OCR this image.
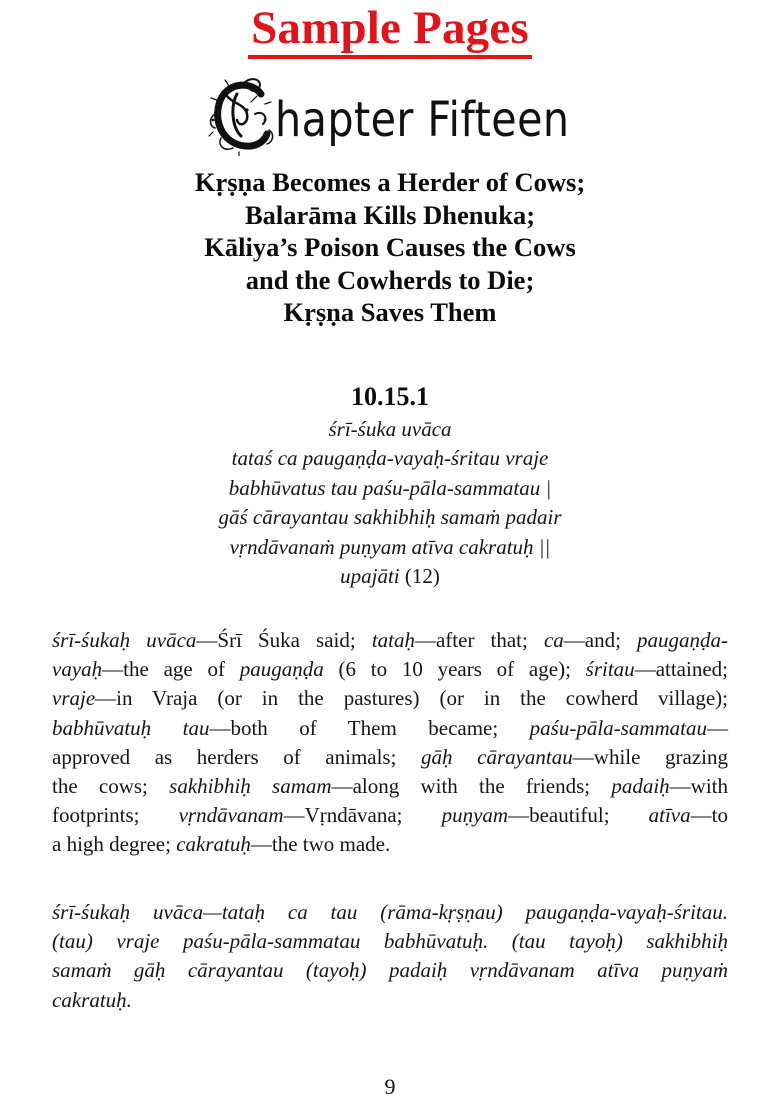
Sample Pages
hapter Fifteen
Kṛṣṇa Becomes a Herder of Cows;
Balarāma Kills Dhenuka;
Kāliya’s Poison Causes the Cows
and the Cowherds to Die;
Kṛṣṇa Saves Them
10.15.1
śrī-śuka uvāca
tataś ca paugaṇḍa-vayaḥ-śritau vraje
babhūvatus tau paśu-pāla-sammatau |
gāś cārayantau sakhibhiḥ samaṁ padair
vṛndāvanaṁ puṇyam atīva cakratuḥ ||
upajāti (12)
śrī-śukaḥ uvāca—Śrī Śuka said; tataḥ—after that; ca—and; paugaṇḍa-
vayaḥ—the age of paugaṇḍa (6 to 10 years of age); śritau—attained;
vraje—in Vraja (or in the pastures) (or in the cowherd village);
babhūvatuḥ tau—both of Them became; paśu-pāla-sammatau—
approved as herders of animals; gāḥ cārayantau—while grazing
the cows; sakhibhiḥ samam—along with the friends; padaiḥ—with
footprints; vṛndāvanam—Vṛndāvana; puṇyam—beautiful; atīva—to
a high degree; cakratuḥ—the two made.
śrī-śukaḥ uvāca—tataḥ ca tau (rāma-kṛṣṇau) paugaṇḍa-vayaḥ-śritau.
(tau) vraje paśu-pāla-sammatau babhūvatuḥ. (tau tayoḥ) sakhibhiḥ
samaṁ gāḥ cārayantau (tayoḥ) padaiḥ vṛndāvanam atīva puṇyaṁ
cakratuḥ.
9
